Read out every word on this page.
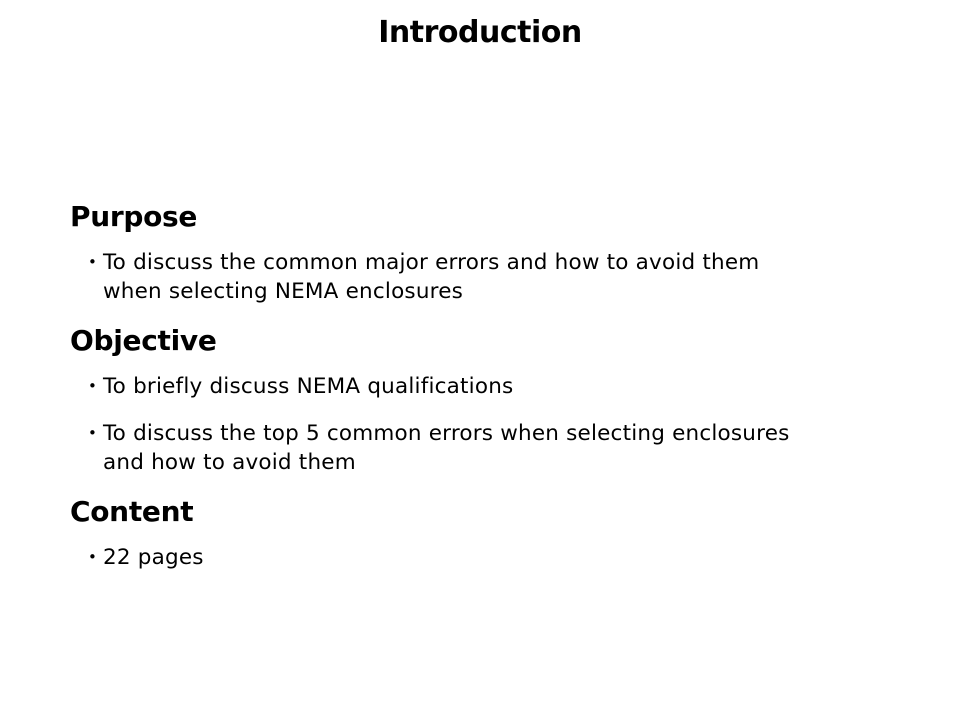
Introduction
Purpose
• To discuss the common major errors and how to avoid them
when selecting NEMA enclosures
Objective
• To briefly discuss NEMA qualifications
• To discuss the top 5 common errors when selecting enclosures
and how to avoid them
Content
• 22 pages
